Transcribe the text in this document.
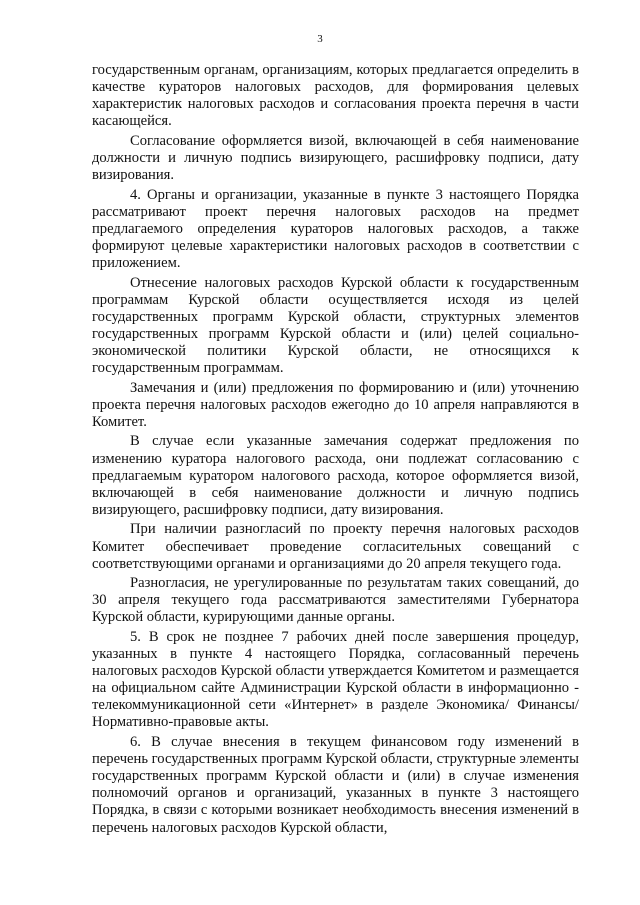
3

государственным органам, организациям, которых предлагается определить в качестве кураторов налоговых расходов, для формирования целевых характеристик налоговых расходов и согласования проекта перечня в части касающейся.

Согласование оформляется визой, включающей в себя наименование должности и личную подпись визирующего, расшифровку подписи, дату визирования.

4. Органы и организации, указанные в пункте 3 настоящего Порядка рассматривают проект перечня налоговых расходов на предмет предлагаемого определения кураторов налоговых расходов, а также формируют целевые характеристики налоговых расходов в соответствии с приложением.

Отнесение налоговых расходов Курской области к государственным программам Курской области осуществляется исходя из целей государственных программ Курской области, структурных элементов государственных программ Курской области и (или) целей социально-экономической политики Курской области, не относящихся к государственным программам.

Замечания и (или) предложения по формированию и (или) уточнению проекта перечня налоговых расходов ежегодно до 10 апреля направляются в Комитет.

В случае если указанные замечания содержат предложения по изменению куратора налогового расхода, они подлежат согласованию с предлагаемым куратором налогового расхода, которое оформляется визой, включающей в себя наименование должности и личную подпись визирующего, расшифровку подписи, дату визирования.

При наличии разногласий по проекту перечня налоговых расходов Комитет обеспечивает проведение согласительных совещаний с соответствующими органами и организациями до 20 апреля текущего года.

Разногласия, не урегулированные по результатам таких совещаний, до 30 апреля текущего года рассматриваются заместителями Губернатора Курской области, курирующими данные органы.

5. В срок не позднее 7 рабочих дней после завершения процедур, указанных в пункте 4 настоящего Порядка, согласованный перечень налоговых расходов Курской области утверждается Комитетом и размещается на официальном сайте Администрации Курской области в информационно - телекоммуникационной сети «Интернет» в разделе Экономика/ Финансы/ Нормативно-правовые акты.

6. В случае внесения в текущем финансовом году изменений в перечень государственных программ Курской области, структурные элементы государственных программ Курской области и (или) в случае изменения полномочий органов и организаций, указанных в пункте 3 настоящего Порядка, в связи с которыми возникает необходимость внесения изменений в перечень налоговых расходов Курской области,
